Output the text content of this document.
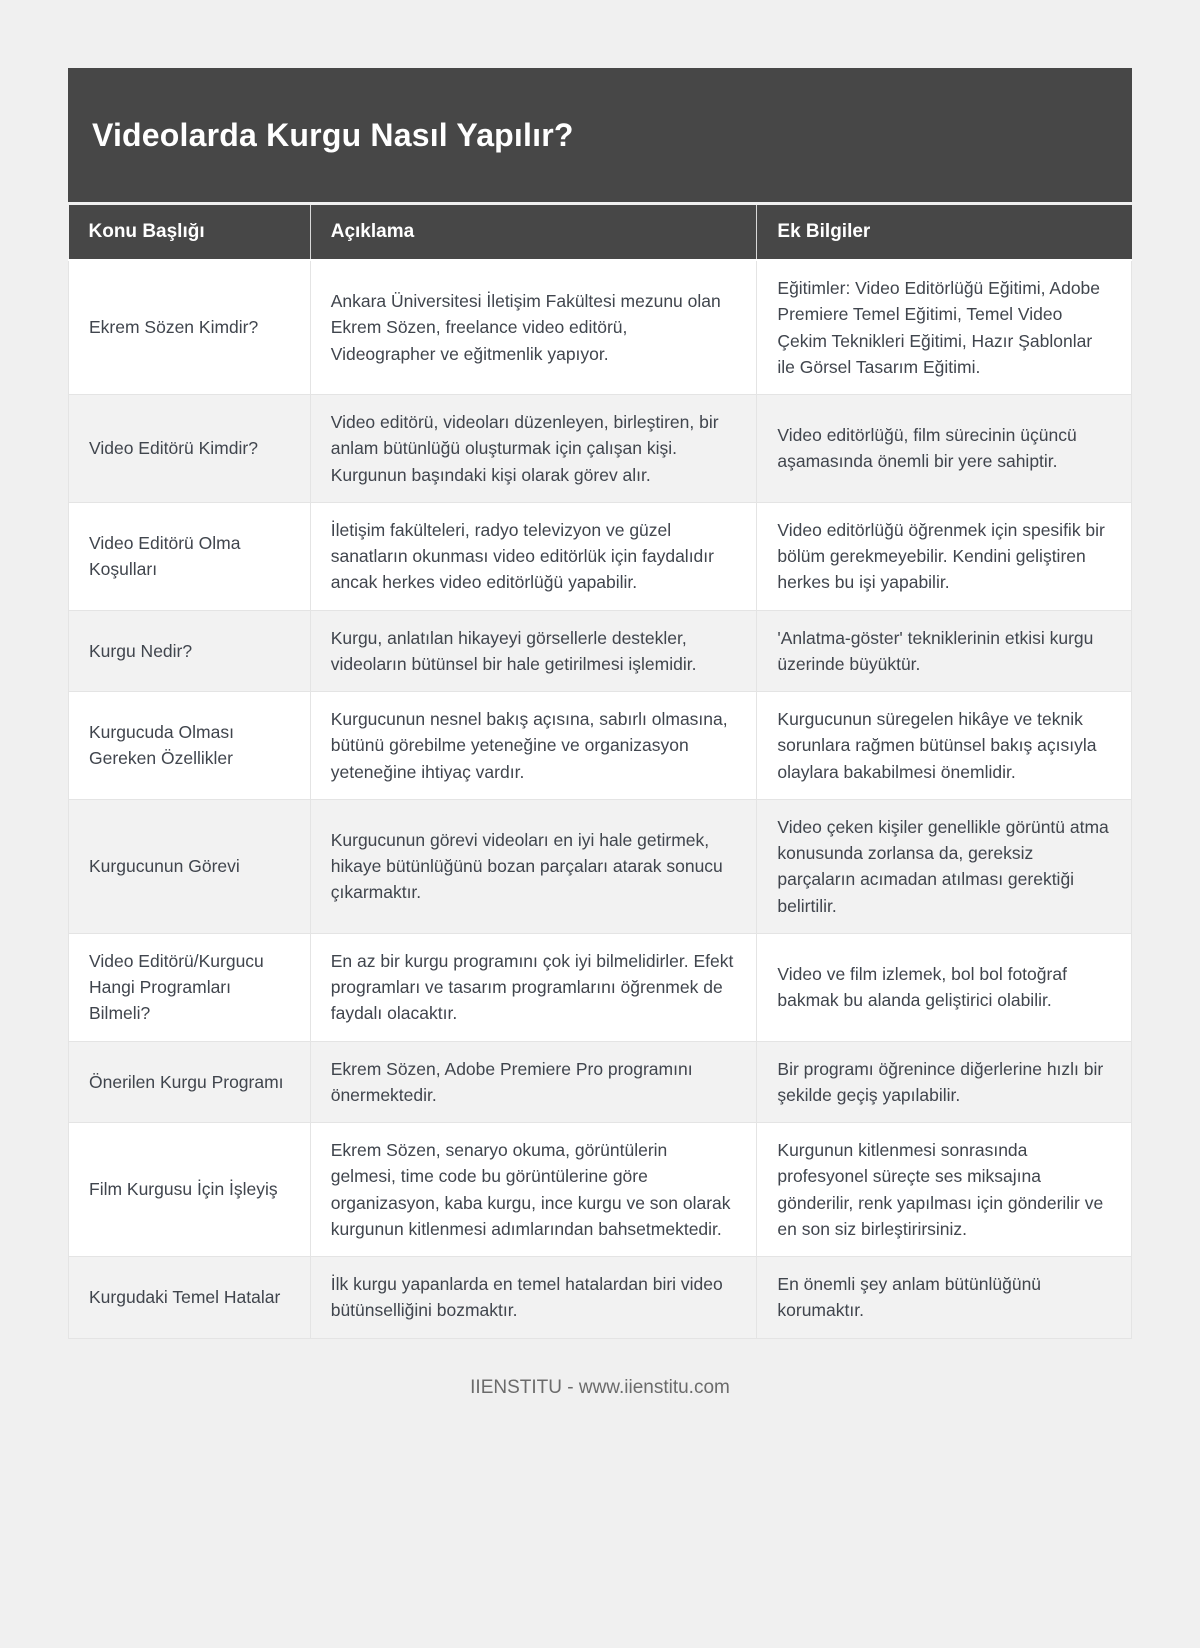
Videolarda Kurgu Nasıl Yapılır?
Konu Başlığı	Açıklama	Ek Bilgiler
Ekrem Sözen Kimdir?	Ankara Üniversitesi İletişim Fakültesi mezunu olan Ekrem Sözen, freelance video editörü, Videographer ve eğitmenlik yapıyor.	Eğitimler: Video Editörlüğü Eğitimi, Adobe Premiere Temel Eğitimi, Temel Video Çekim Teknikleri Eğitimi, Hazır Şablonlar ile Görsel Tasarım Eğitimi.
Video Editörü Kimdir?	Video editörü, videoları düzenleyen, birleştiren, bir anlam bütünlüğü oluşturmak için çalışan kişi. Kurgunun başındaki kişi olarak görev alır.	Video editörlüğü, film sürecinin üçüncü aşamasında önemli bir yere sahiptir.
Video Editörü Olma Koşulları	İletişim fakülteleri, radyo televizyon ve güzel sanatların okunması video editörlük için faydalıdır ancak herkes video editörlüğü yapabilir.	Video editörlüğü öğrenmek için spesifik bir bölüm gerekmeyebilir. Kendini geliştiren herkes bu işi yapabilir.
Kurgu Nedir?	Kurgu, anlatılan hikayeyi görsellerle destekler, videoların bütünsel bir hale getirilmesi işlemidir.	'Anlatma-göster' tekniklerinin etkisi kurgu üzerinde büyüktür.
Kurgucuda Olması Gereken Özellikler	Kurgucunun nesnel bakış açısına, sabırlı olmasına, bütünü görebilme yeteneğine ve organizasyon yeteneğine ihtiyaç vardır.	Kurgucunun süregelen hikâye ve teknik sorunlara rağmen bütünsel bakış açısıyla olaylara bakabilmesi önemlidir.
Kurgucunun Görevi	Kurgucunun görevi videoları en iyi hale getirmek, hikaye bütünlüğünü bozan parçaları atarak sonucu çıkarmaktır.	Video çeken kişiler genellikle görüntü atma konusunda zorlansa da, gereksiz parçaların acımadan atılması gerektiği belirtilir.
Video Editörü/Kurgucu Hangi Programları Bilmeli?	En az bir kurgu programını çok iyi bilmelidirler. Efekt programları ve tasarım programlarını öğrenmek de faydalı olacaktır.	Video ve film izlemek, bol bol fotoğraf bakmak bu alanda geliştirici olabilir.
Önerilen Kurgu Programı	Ekrem Sözen, Adobe Premiere Pro programını önermektedir.	Bir programı öğrenince diğerlerine hızlı bir şekilde geçiş yapılabilir.
Film Kurgusu İçin İşleyiş	Ekrem Sözen, senaryo okuma, görüntülerin gelmesi, time code bu görüntülerine göre organizasyon, kaba kurgu, ince kurgu ve son olarak kurgunun kitlenmesi adımlarından bahsetmektedir.	Kurgunun kitlenmesi sonrasında profesyonel süreçte ses miksajına gönderilir, renk yapılması için gönderilir ve en son siz birleştirirsiniz.
Kurgudaki Temel Hatalar	İlk kurgu yapanlarda en temel hatalardan biri video bütünselliğini bozmaktır.	En önemli şey anlam bütünlüğünü korumaktır.
IIENSTITU - www.iienstitu.com
